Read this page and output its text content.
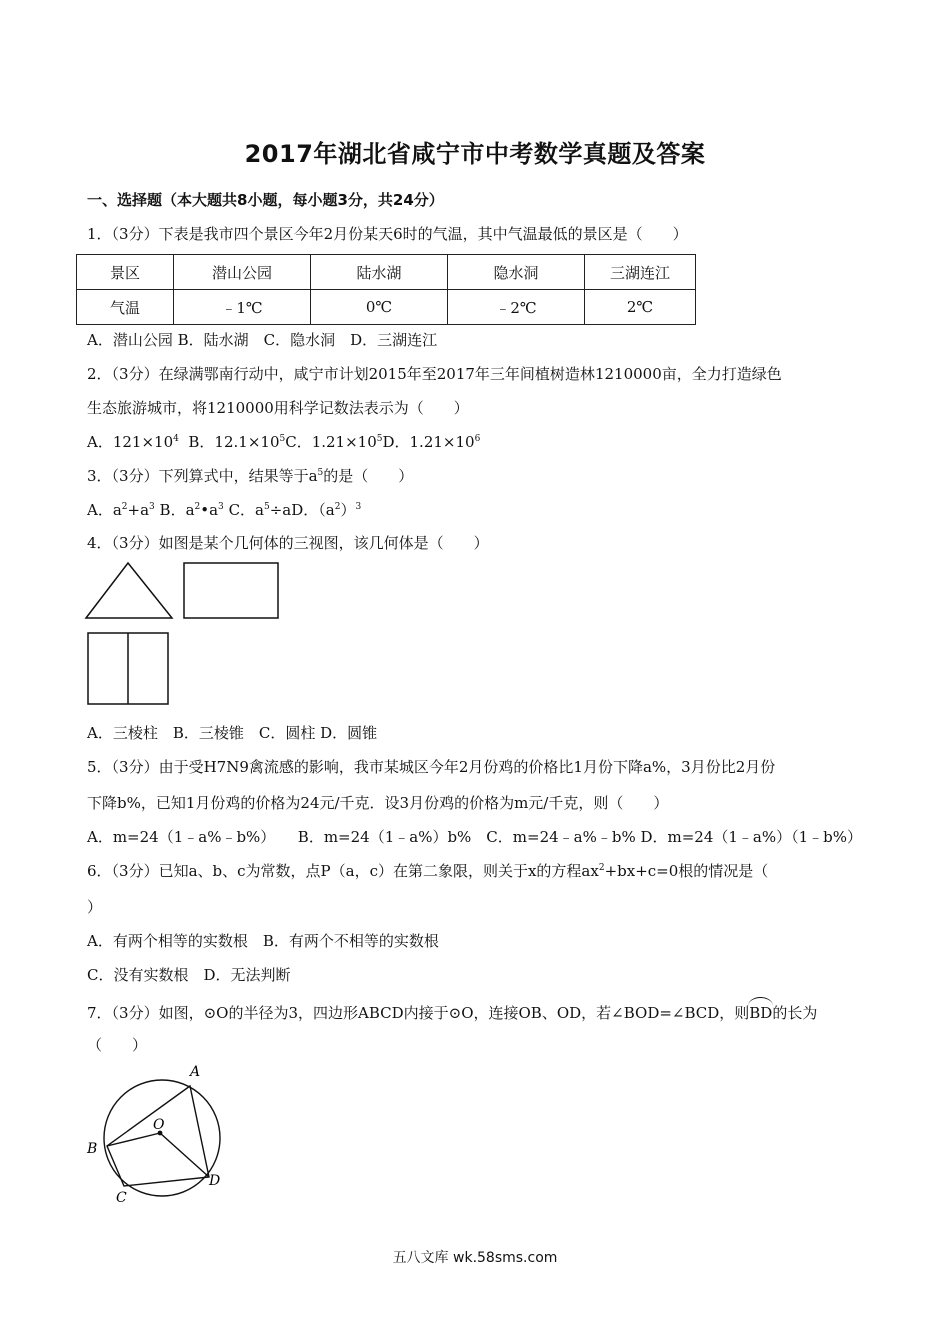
2017年湖北省咸宁市中考数学真题及答案
一、选择题（本大题共8小题，每小题3分，共24分）
1．（3分）下表是我市四个景区今年2月份某天6时的气温，其中气温最低的景区是（　　）
景区	潜山公园	陆水湖	隐水洞	三湖连江
气温	﹣1℃	0℃	﹣2℃	2℃
A．潜山公园 B．陆水湖　C．隐水洞　D．三湖连江
2．（3分）在绿满鄂南行动中，咸宁市计划2015年至2017年三年间植树造林1210000亩，全力打造绿色
生态旅游城市，将1210000用科学记数法表示为（　　）
A．$121\times 10^4$ B．$12.1\times 10^5C$．$1.21\times 10^5D$．$1.21\times 10^6$
3．（3分）下列算式中，结果等于$a^5$的是（　　）
A．$a^2+a^3$ B．$a^2•a^3$ C．$a^5\div aD$．$(a^2)^3$
4．（3分）如图是某个几何体的三视图，该几何体是（　　）
A．三棱柱　B．三棱锥　C．圆柱 D．圆锥
5．（3分）由于受H7N9禽流感的影响，我市某城区今年2月份鸡的价格比1月份下降a%，3月份比2月份
下降b%，已知1月份鸡的价格为24元/千克．设3月份鸡的价格为m元/千克，则（　　）
A．m=24（1﹣a%﹣b%）　　B．m=24（1﹣a%）b%　C．m=24﹣a%﹣b% D．m=24（1﹣a%）（1﹣b%）
6．（3分）已知a、b、c为常数，点P（a，c）在第二象限，则关于x的方程$ax^2+bx+c=0$根的情况是（
）
A．有两个相等的实数根　B．有两个不相等的实数根
C．没有实数根　D．无法判断
7．（3分）如图，⊙O的半径为3，四边形ABCD内接于⊙O，连接OB、OD，若∠BOD=∠BCD，则BD的长为
（　　）
A
B
C
D
O
五八文库 wk.58sms.com
